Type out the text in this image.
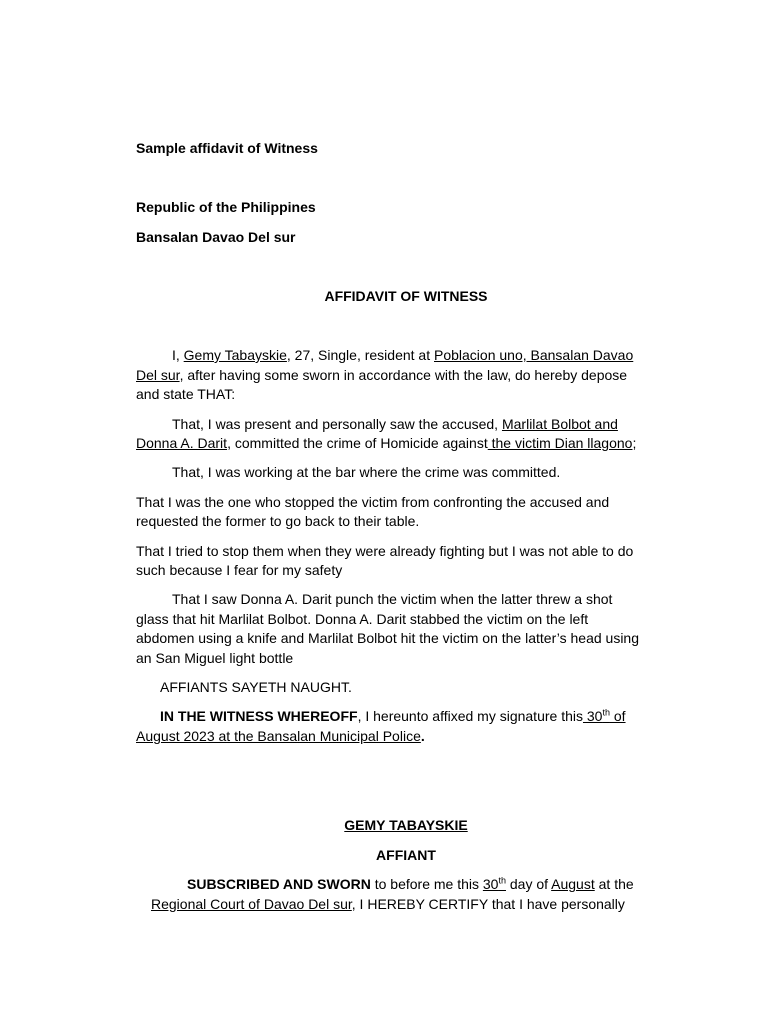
Sample affidavit of Witness
Republic of the Philippines
Bansalan Davao Del sur
AFFIDAVIT OF WITNESS
I, Gemy Tabayskie, 27, Single, resident at Poblacion uno, Bansalan Davao
Del sur, after having some sworn in accordance with the law, do hereby depose
and state THAT:
That, I was present and personally saw the accused, Marlilat Bolbot and
Donna A. Darit, committed the crime of Homicide against the victim Dian llagono;
That, I was working at the bar where the crime was committed.
That I was the one who stopped the victim from confronting the accused and
requested the former to go back to their table.
That I tried to stop them when they were already fighting but I was not able to do
such because I fear for my safety
That I saw Donna A. Darit punch the victim when the latter threw a shot
glass that hit Marlilat Bolbot. Donna A. Darit stabbed the victim on the left
abdomen using a knife and Marlilat Bolbot hit the victim on the latter’s head using
an San Miguel light bottle
AFFIANTS SAYETH NAUGHT.
IN THE WITNESS WHEREOFF, I hereunto affixed my signature this 30th of
August 2023 at the Bansalan Municipal Police.
GEMY TABAYSKIE
AFFIANT
SUBSCRIBED AND SWORN to before me this 30th day of August at the
Regional Court of Davao Del sur, I HEREBY CERTIFY that I have personally
